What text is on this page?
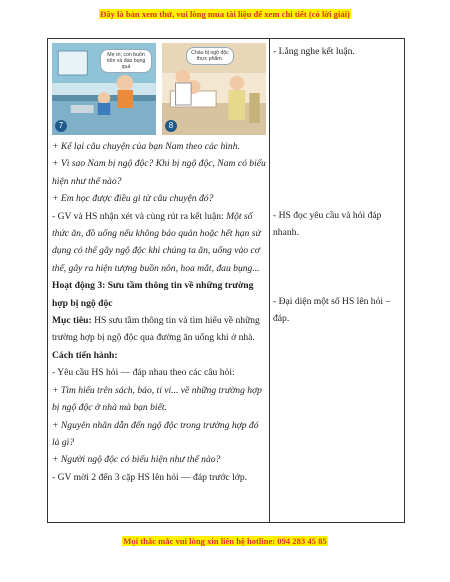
Đây là bản xem thử, vui lòng mua tài liệu để xem chi tiết (có lời giải)
Mẹ ơi, con buồn nôn và đau bụng quá
7
Cháu bị ngộ độc thực phẩm.
8

+ Kể lại câu chuyện của bạn Nam theo các hình.

+ Vì sao Nam bị ngộ độc? Khi bị ngộ độc, Nam có biểu hiện như thế nào?

+ Em học được điều gì từ câu chuyện đó?

- GV và HS nhận xét và cùng rút ra kết luận: Một số thức ăn, đồ uống nếu không bảo quản hoặc hết hạn sử dụng có thể gây ngộ độc khi chúng ta ăn, uống vào cơ thể, gây ra hiện tượng buồn nôn, hoa mắt, đau bụng...

Hoạt động 3: Sưu tầm thông tin về những trường hợp bị ngộ độc

Mục tiêu: HS sưu tầm thông tin và tìm hiểu về những trường hợp bị ngộ độc qua đường ăn uống khi ở nhà.

Cách tiến hành:

- Yêu cầu HS hỏi — đáp nhau theo các câu hỏi:

+ Tìm hiểu trên sách, báo, ti vi... về những trường hợp bị ngộ độc ở nhà mà bạn biết.

+ Nguyên nhân dẫn đến ngộ độc trong trường hợp đó là gì?

+ Người ngộ độc có biểu hiện như thế nào?

- GV mời 2 đến 3 cặp HS lên hỏi — đáp trước lớp.

- Lắng nghe kết luận.

- HS đọc yêu cầu và hỏi đáp nhanh.

- Đại diện một số HS lên hỏi – đáp.

Mọi thắc mắc vui lòng xin liên hệ hotline: 094 283 45 85
